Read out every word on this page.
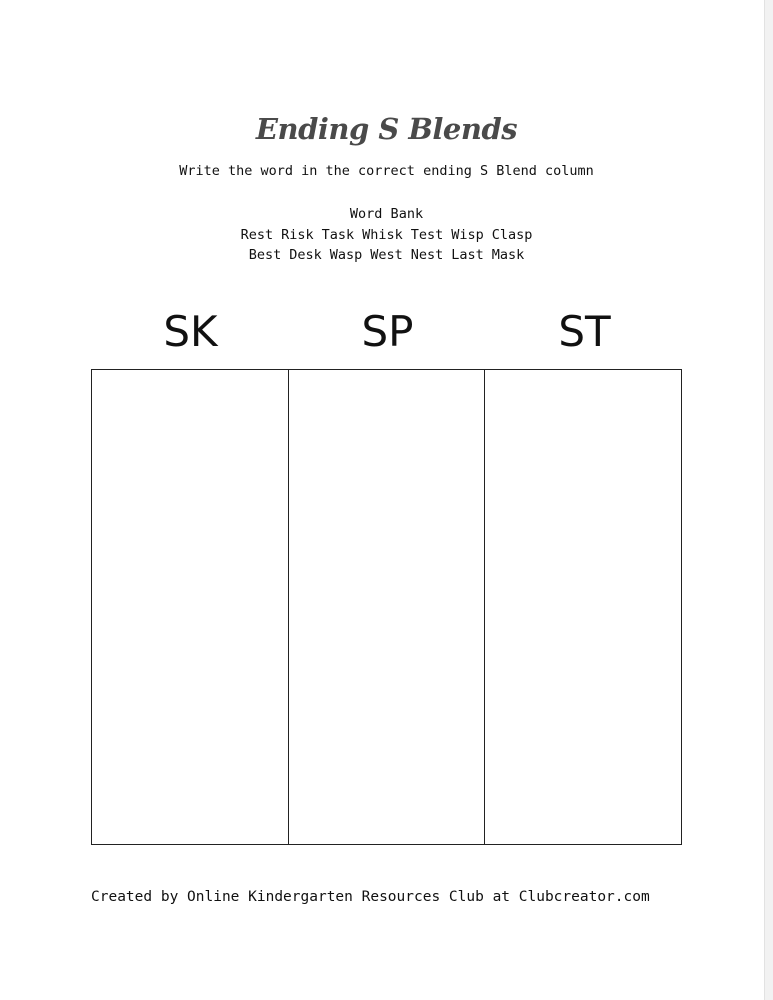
Ending S Blends
Write the word in the correct ending S Blend column
Word Bank
Rest Risk Task Whisk Test Wisp Clasp
Best Desk Wasp West Nest Last Mask
SK	SP	ST
Created by Online Kindergarten Resources Club at Clubcreator.com
